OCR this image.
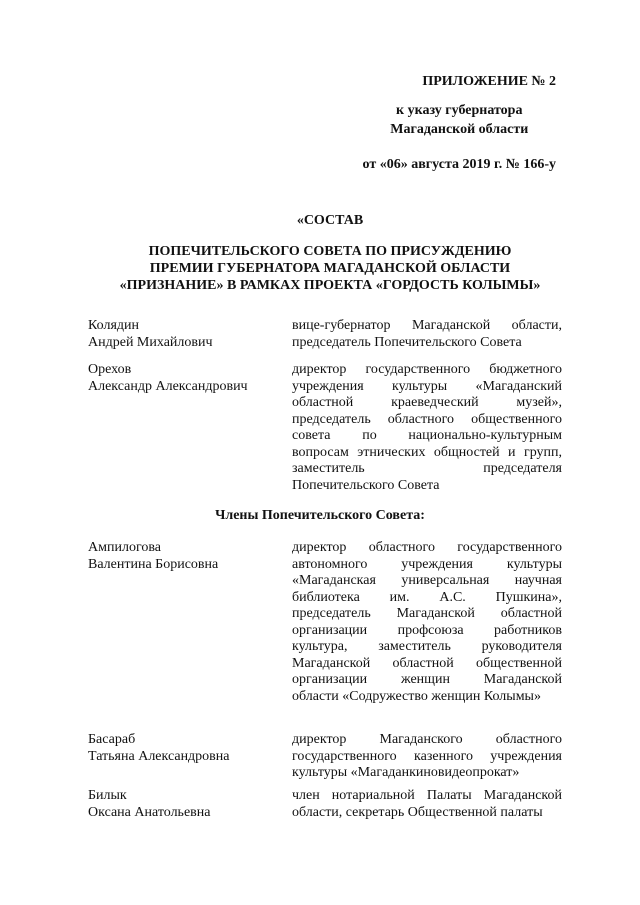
ПРИЛОЖЕНИЕ № 2
к указу губернатора
Магаданской области
от «06» августа 2019 г. № 166-у
«СОСТАВ
ПОПЕЧИТЕЛЬСКОГО СОВЕТА ПО ПРИСУЖДЕНИЮ
ПРЕМИИ ГУБЕРНАТОРА МАГАДАНСКОЙ ОБЛАСТИ
«ПРИЗНАНИЕ» В РАМКАХ ПРОЕКТА «ГОРДОСТЬ КОЛЫМЫ»
Колядин
Андрей Михайлович
вице-губернатор Магаданской области,
председатель Попечительского Совета
Орехов
Александр Александрович
директор государственного бюджетного
учреждения культуры «Магаданский
областной краеведческий музей»,
председатель областного общественного
совета по национально-культурным
вопросам этнических общностей и групп,
заместитель председателя
Попечительского Совета
Члены Попечительского Совета:
Ампилогова
Валентина Борисовна
директор областного государственного
автономного учреждения культуры
«Магаданская универсальная научная
библиотека им. А.С. Пушкина»,
председатель Магаданской областной
организации профсоюза работников
культура, заместитель руководителя
Магаданской областной общественной
организации женщин Магаданской
области «Содружество женщин Колымы»
Басараб
Татьяна Александровна
директор Магаданского областного
государственного казенного учреждения
культуры «Магаданкиновидеопрокат»
Билык
Оксана Анатольевна
член нотариальной Палаты Магаданской
области, секретарь Общественной палаты
